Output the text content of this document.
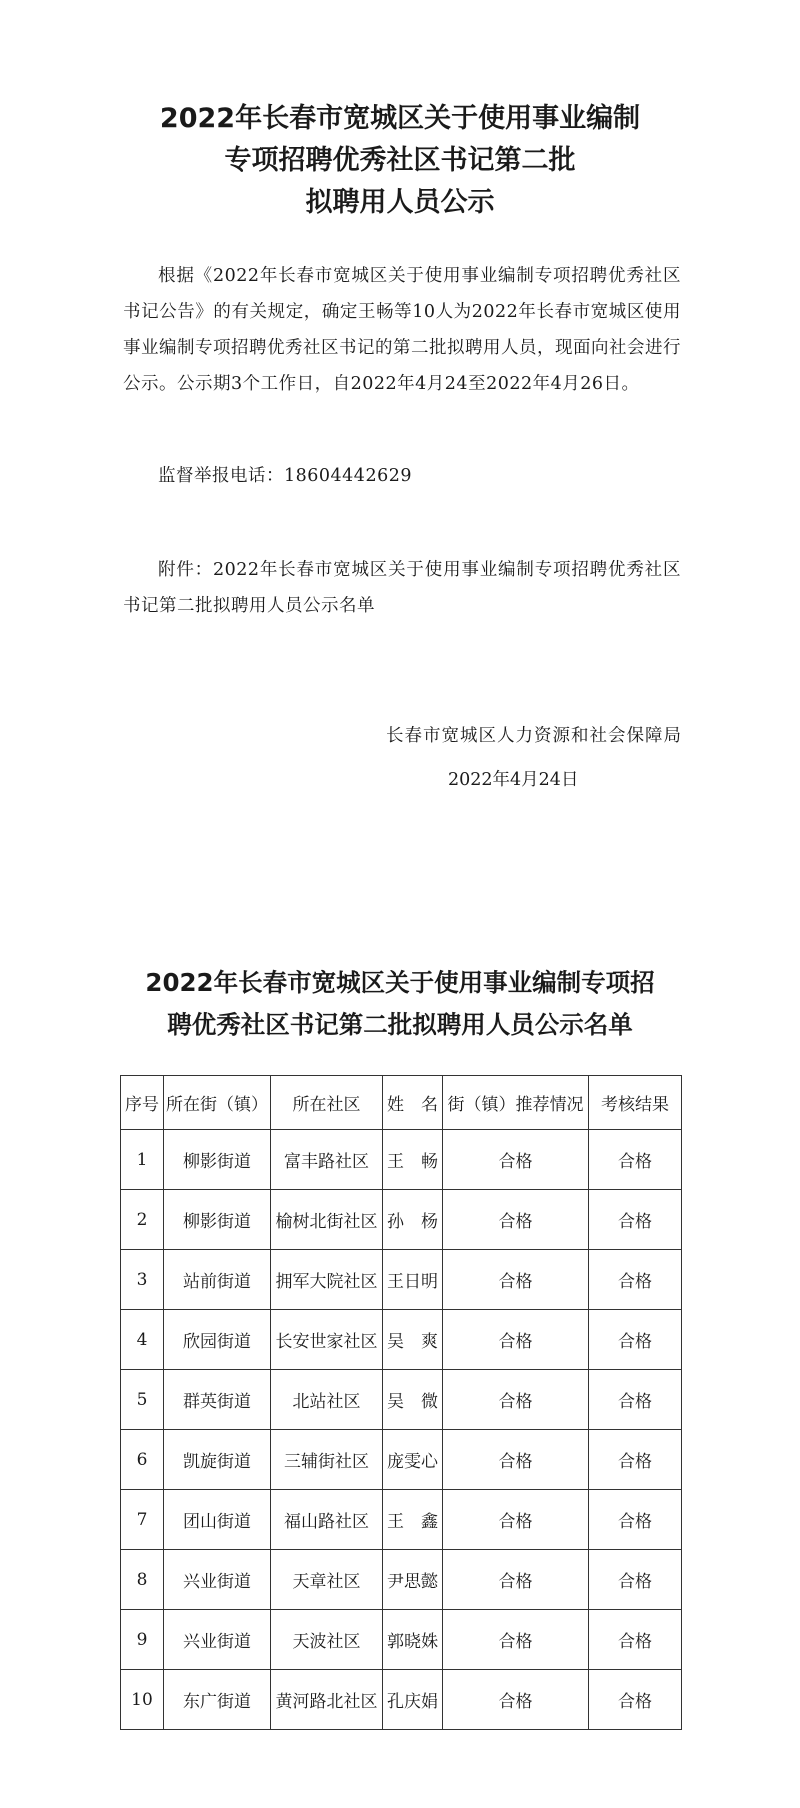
2022年长春市宽城区关于使用事业编制
专项招聘优秀社区书记第二批
拟聘用人员公示
根据《2022年长春市宽城区关于使用事业编制专项招聘优秀社区书记公告》的有关规定，确定王畅等10人为2022年长春市宽城区使用事业编制专项招聘优秀社区书记的第二批拟聘用人员，现面向社会进行公示。公示期3个工作日，自2022年4月24至2022年4月26日。
监督举报电话：18604442629
附件：2022年长春市宽城区关于使用事业编制专项招聘优秀社区书记第二批拟聘用人员公示名单
长春市宽城区人力资源和社会保障局
2022年4月24日
2022年长春市宽城区关于使用事业编制专项招
聘优秀社区书记第二批拟聘用人员公示名单
序号	所在街（镇）	所在社区	姓　名	街（镇）推荐情况	考核结果
1	柳影街道	富丰路社区	王　畅	合格	合格
2	柳影街道	榆树北街社区	孙　杨	合格	合格
3	站前街道	拥军大院社区	王日明	合格	合格
4	欣园街道	长安世家社区	吴　爽	合格	合格
5	群英街道	北站社区	吴　微	合格	合格
6	凯旋街道	三辅街社区	庞雯心	合格	合格
7	团山街道	福山路社区	王　鑫	合格	合格
8	兴业街道	天章社区	尹思懿	合格	合格
9	兴业街道	天波社区	郭晓姝	合格	合格
10	东广街道	黄河路北社区	孔庆娟	合格	合格
